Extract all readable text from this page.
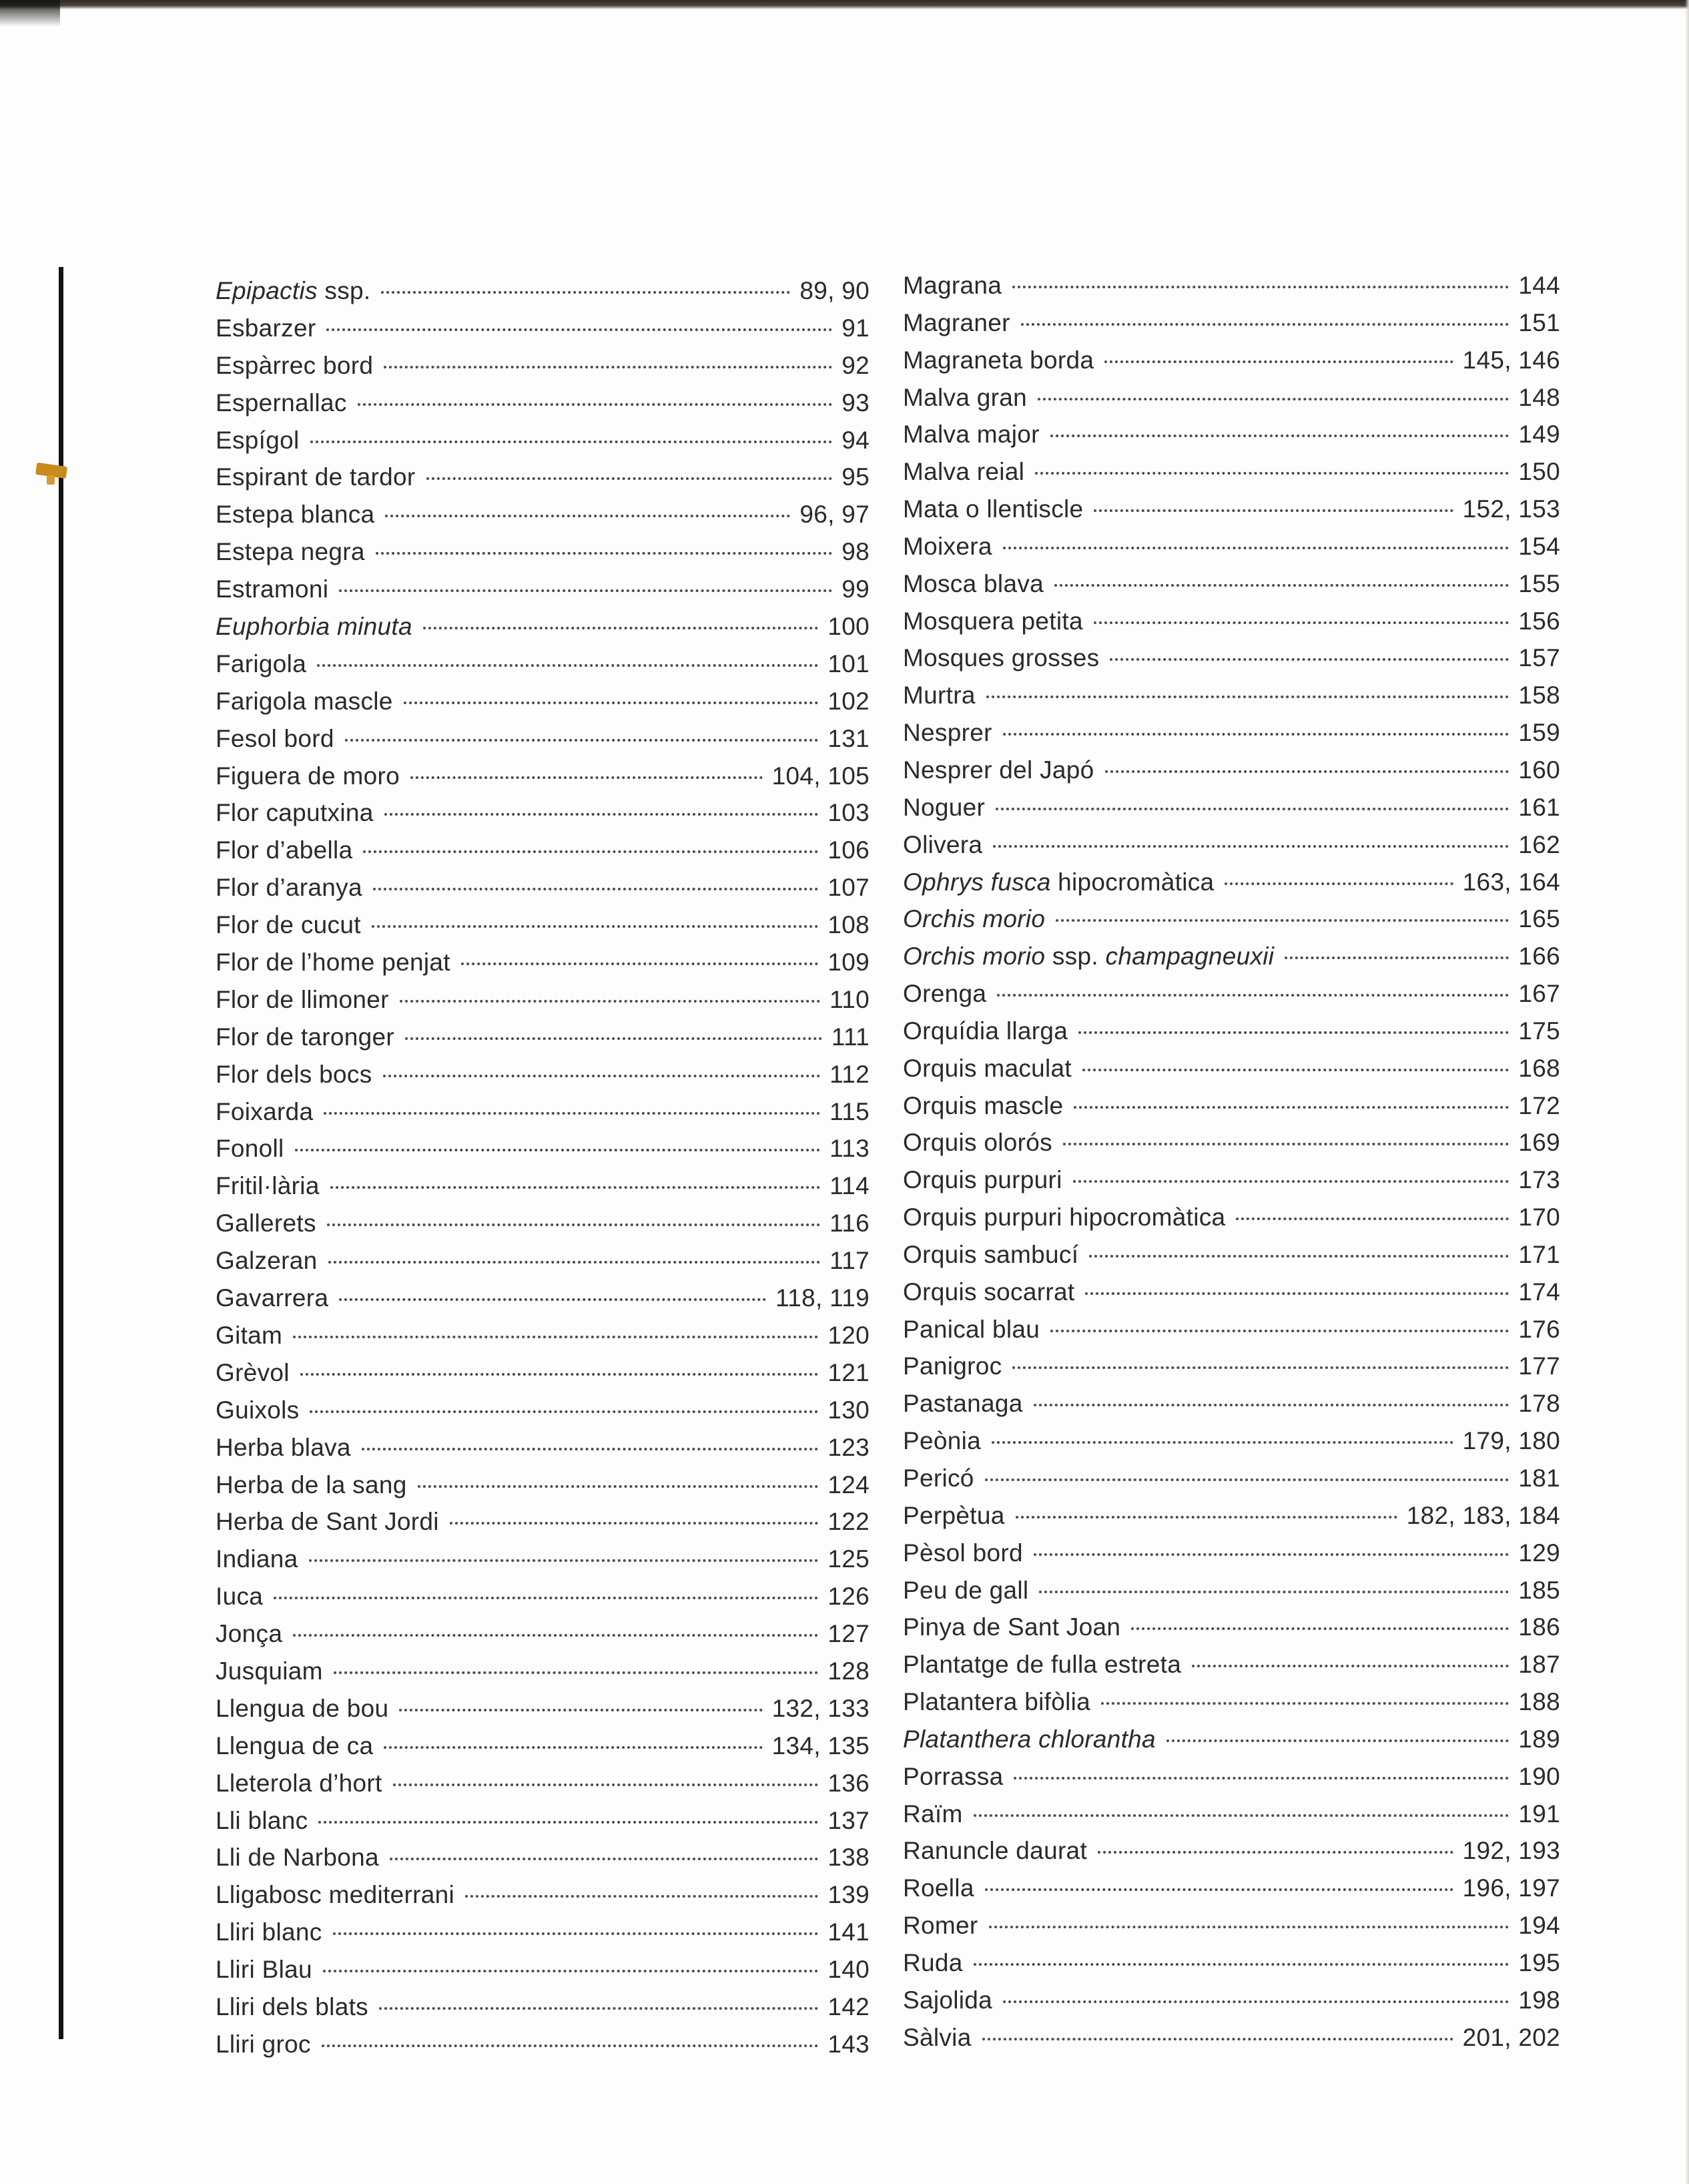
Epipactis ssp.	89, 90
Esbarzer	91
Espàrrec bord	92
Espernallac	93
Espígol	94
Espirant de tardor	95
Estepa blanca	96, 97
Estepa negra	98
Estramoni	99
Euphorbia minuta	100
Farigola	101
Farigola mascle	102
Fesol bord	131
Figuera de moro	104, 105
Flor caputxina	103
Flor d’abella	106
Flor d’aranya	107
Flor de cucut	108
Flor de l’home penjat	109
Flor de llimoner	110
Flor de taronger	111
Flor dels bocs	112
Foixarda	115
Fonoll	113
Fritil·lària	114
Gallerets	116
Galzeran	117
Gavarrera	118, 119
Gitam	120
Grèvol	121
Guixols	130
Herba blava	123
Herba de la sang	124
Herba de Sant Jordi	122
Indiana	125
Iuca	126
Jonça	127
Jusquiam	128
Llengua de bou	132, 133
Llengua de ca	134, 135
Lleterola d’hort	136
Lli blanc	137
Lli de Narbona	138
Lligabosc mediterrani	139
Lliri blanc	141
Lliri Blau	140
Lliri dels blats	142
Lliri groc	143
Magrana	144
Magraner	151
Magraneta borda	145, 146
Malva gran	148
Malva major	149
Malva reial	150
Mata o llentiscle	152, 153
Moixera	154
Mosca blava	155
Mosquera petita	156
Mosques grosses	157
Murtra	158
Nesprer	159
Nesprer del Japó	160
Noguer	161
Olivera	162
Ophrys fusca hipocromàtica	163, 164
Orchis morio	165
Orchis morio ssp. champagneuxii	166
Orenga	167
Orquídia llarga	175
Orquis maculat	168
Orquis mascle	172
Orquis olorós	169
Orquis purpuri	173
Orquis purpuri hipocromàtica	170
Orquis sambucí	171
Orquis socarrat	174
Panical blau	176
Panigroc	177
Pastanaga	178
Peònia	179, 180
Pericó	181
Perpètua	182, 183, 184
Pèsol bord	129
Peu de gall	185
Pinya de Sant Joan	186
Plantatge de fulla estreta	187
Platantera bifòlia	188
Platanthera chlorantha	189
Porrassa	190
Raïm	191
Ranuncle daurat	192, 193
Roella	196, 197
Romer	194
Ruda	195
Sajolida	198
Sàlvia	201, 202
